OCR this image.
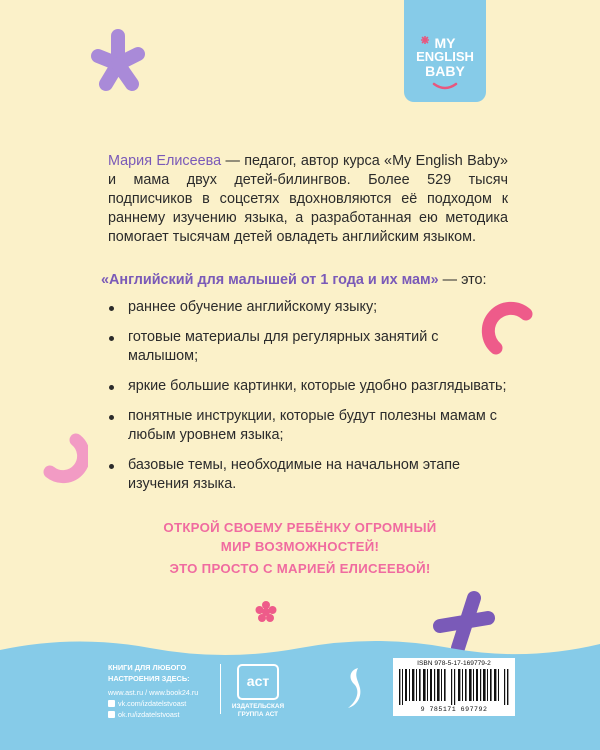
MY
ENGLISH
BABY
Мария Елисеева — педагог, автор курса «My English Baby» и мама двух детей-билингвов. Более 529 тысяч подписчиков в соцсетях вдохновляются её подходом к раннему изучению языка, а разработанная ею методика помогает тысячам детей овладеть английским языком.
«Английский для малышей от 1 года и их мам» — это:
раннее обучение английскому языку;
готовые материалы для регулярных занятий с малышом;
яркие большие картинки, которые удобно разглядывать;
понятные инструкции, которые будут полезны мамам с любым уровнем языка;
базовые темы, необходимые на начальном этапе изучения языка.
ОТКРОЙ СВОЕМУ РЕБЁНКУ ОГРОМНЫЙ
МИР ВОЗМОЖНОСТЕЙ!
ЭТО ПРОСТО С МАРИЕЙ ЕЛИСЕЕВОЙ!
КНИГИ ДЛЯ ЛЮБОГО
НАСТРОЕНИЯ ЗДЕСЬ:
www.ast.ru / www.book24.ru
vk.com/izdatelstvoast
ok.ru/izdatelstvoast
аст
ИЗДАТЕЛЬСКАЯ
ГРУППА АСТ
ISBN 978-5-17-169779-2
9 785171 697792
